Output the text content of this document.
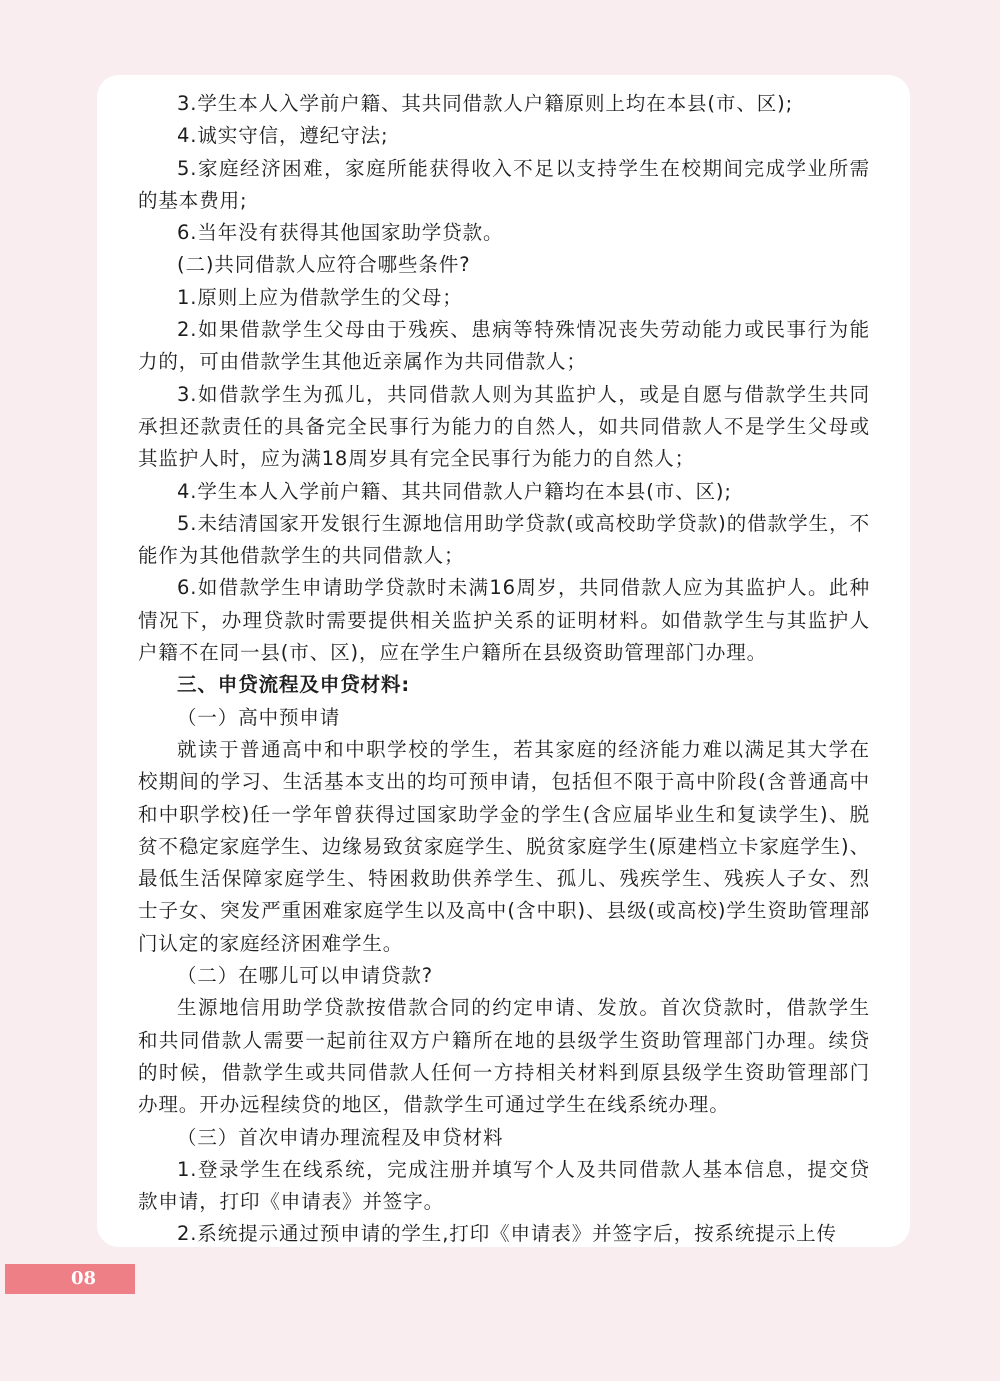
3.学生本人入学前户籍、其共同借款人户籍原则上均在本县(市、区);

4.诚实守信，遵纪守法;

5.家庭经济困难，家庭所能获得收入不足以支持学生在校期间完成学业所需的基本费用;

6.当年没有获得其他国家助学贷款。

(二)共同借款人应符合哪些条件?

1.原则上应为借款学生的父母；

2.如果借款学生父母由于残疾、患病等特殊情况丧失劳动能力或民事行为能力的，可由借款学生其他近亲属作为共同借款人；

3.如借款学生为孤儿，共同借款人则为其监护人，或是自愿与借款学生共同承担还款责任的具备完全民事行为能力的自然人，如共同借款人不是学生父母或其监护人时，应为满18周岁具有完全民事行为能力的自然人；

4.学生本人入学前户籍、其共同借款人户籍均在本县(市、区);

5.未结清国家开发银行生源地信用助学贷款(或高校助学贷款)的借款学生，不能作为其他借款学生的共同借款人；

6.如借款学生申请助学贷款时未满16周岁，共同借款人应为其监护人。此种情况下，办理贷款时需要提供相关监护关系的证明材料。如借款学生与其监护人户籍不在同一县(市、区)，应在学生户籍所在县级资助管理部门办理。

三、申贷流程及申贷材料:

（一）高中预申请

就读于普通高中和中职学校的学生，若其家庭的经济能力难以满足其大学在校期间的学习、生活基本支出的均可预申请，包括但不限于高中阶段(含普通高中和中职学校)任一学年曾获得过国家助学金的学生(含应届毕业生和复读学生)、脱贫不稳定家庭学生、边缘易致贫家庭学生、脱贫家庭学生(原建档立卡家庭学生)、最低生活保障家庭学生、特困救助供养学生、孤儿、残疾学生、残疾人子女、烈士子女、突发严重困难家庭学生以及高中(含中职)、县级(或高校)学生资助管理部门认定的家庭经济困难学生。

（二）在哪儿可以申请贷款?

生源地信用助学贷款按借款合同的约定申请、发放。首次贷款时，借款学生和共同借款人需要一起前往双方户籍所在地的县级学生资助管理部门办理。续贷的时候，借款学生或共同借款人任何一方持相关材料到原县级学生资助管理部门办理。开办远程续贷的地区，借款学生可通过学生在线系统办理。

（三）首次申请办理流程及申贷材料

1.登录学生在线系统，完成注册并填写个人及共同借款人基本信息，提交贷款申请，打印《申请表》并签字。

2.系统提示通过预申请的学生,打印《申请表》并签字后，按系统提示上传

08
